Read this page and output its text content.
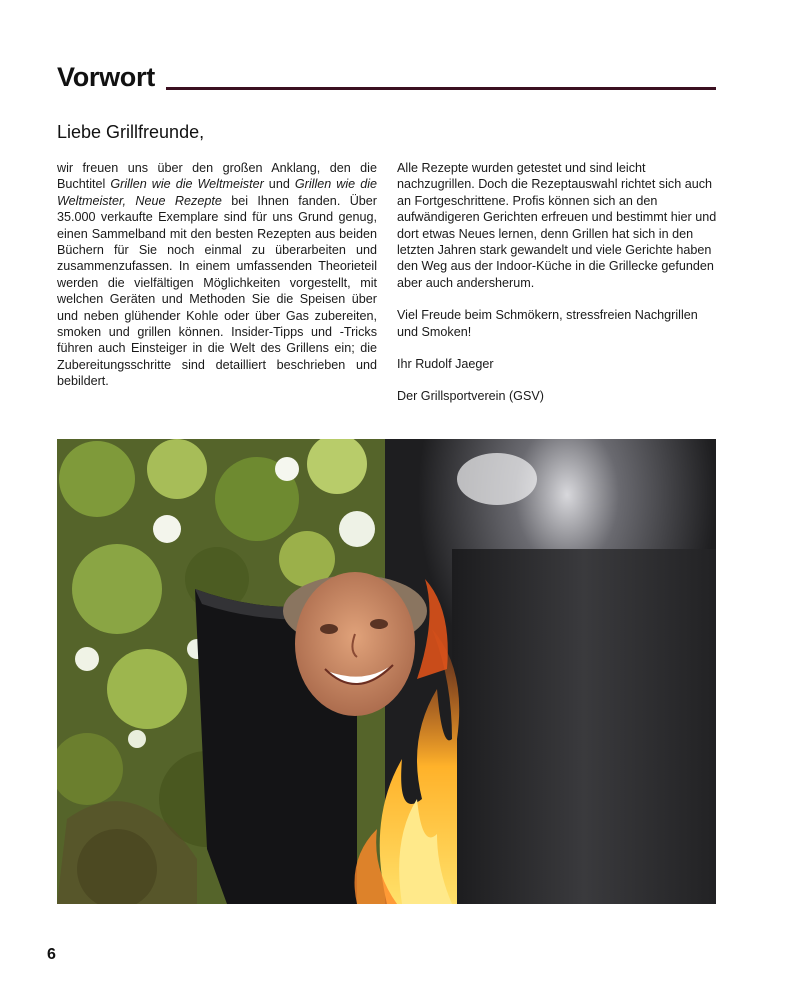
Vorwort

Liebe Grillfreunde,

wir freuen uns über den großen Anklang, den die Buchtitel Grillen wie die Weltmeister und Grillen wie die Weltmeister, Neue Rezepte bei Ihnen fanden. Über 35.000 verkaufte Exemplare sind für uns Grund genug, einen Sammelband mit den besten Rezepten aus beiden Büchern für Sie noch einmal zu überarbeiten und zusammenzufassen. In einem umfassenden Theorieteil werden die vielfältigen Möglichkeiten vorgestellt, mit welchen Geräten und Methoden Sie die Speisen über und neben glühender Kohle oder über Gas zubereiten, smoken und grillen können. Insider-Tipps und -Tricks führen auch Einsteiger in die Welt des Grillens ein; die Zubereitungsschritte sind detailliert beschrieben und bebildert.

Alle Rezepte wurden getestet und sind leicht nachzugrillen. Doch die Rezeptauswahl richtet sich auch an Fortgeschrittene. Profis können sich an den aufwändigeren Gerichten erfreuen und bestimmt hier und dort etwas Neues lernen, denn Grillen hat sich in den letzten Jahren stark gewandelt und viele Gerichte haben den Weg aus der Indoor-Küche in die Grillecke gefunden aber auch andersherum.

Viel Freude beim Schmökern, stressfreien Nachgrillen und Smoken!

Ihr Rudolf Jaeger

Der Grillsportverein (GSV)

6
